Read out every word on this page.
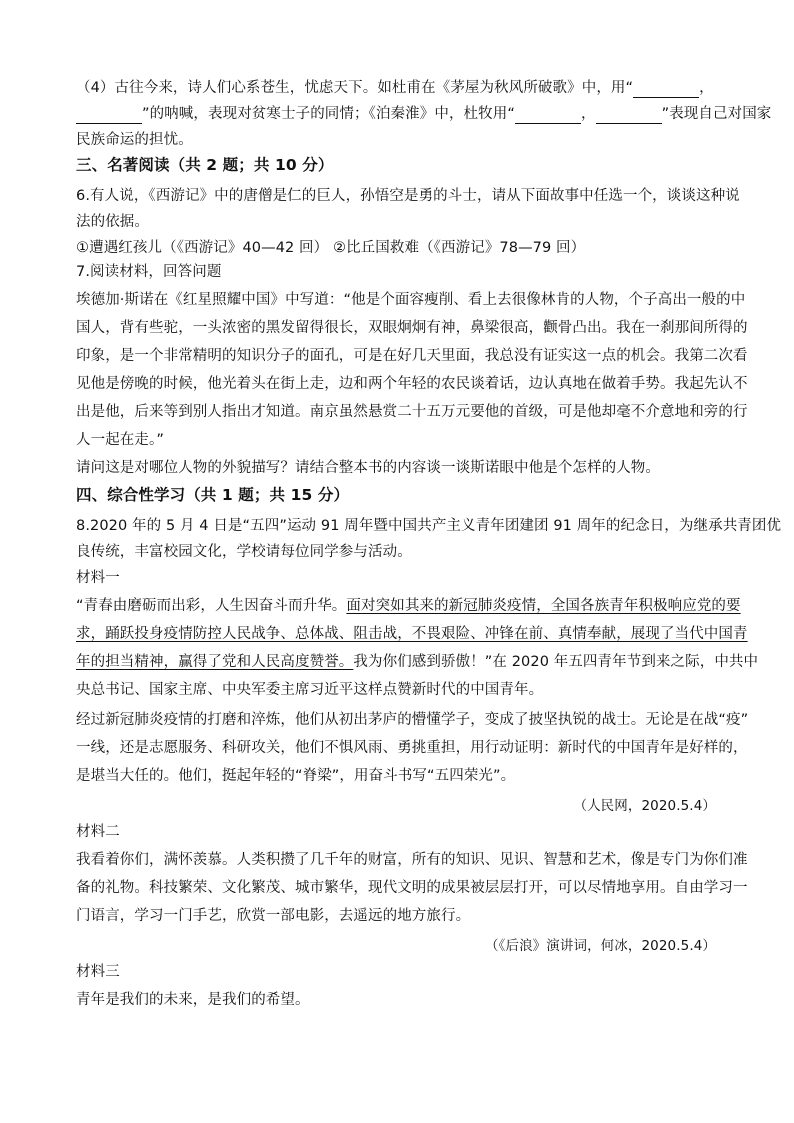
（4）古往今来，诗人们心系苍生，忧虑天下。如杜甫在《茅屋为秋风所破歌》中，用“	，
”的呐喊，表现对贫寒士子的同情；《泊秦淮》中，杜牧用“	，	”表现自己对国家
民族命运的担忧。
三、名著阅读（共 2 题；共 10 分）
6.有人说，《西游记》中的唐僧是仁的巨人，孙悟空是勇的斗士，请从下面故事中任选一个，谈谈这种说
法的依据。
①遭遇红孩儿（《西游记》40—42 回） ②比丘国救难（《西游记》78—79 回）
7.阅读材料，回答问题
埃德加·斯诺在《红星照耀中国》中写道：“他是个面容瘦削、看上去很像林肯的人物，个子高出一般的中
国人，背有些驼，一头浓密的黑发留得很长，双眼炯炯有神，鼻梁很高，颧骨凸出。我在一刹那间所得的
印象，是一个非常精明的知识分子的面孔，可是在好几天里面，我总没有证实这一点的机会。我第二次看
见他是傍晚的时候，他光着头在街上走，边和两个年轻的农民谈着话，边认真地在做着手势。我起先认不
出是他，后来等到别人指出才知道。南京虽然悬赏二十五万元要他的首级，可是他却毫不介意地和旁的行
人一起在走。”
请问这是对哪位人物的外貌描写？请结合整本书的内容谈一谈斯诺眼中他是个怎样的人物。
四、综合性学习（共 1 题；共 15 分）
8.2020 年的 5 月 4 日是“五四”运动 91 周年暨中国共产主义青年团建团 91 周年的纪念日，为继承共青团优
良传统，丰富校园文化，学校请每位同学参与活动。
材料一
“青春由磨砺而出彩，人生因奋斗而升华。面对突如其来的新冠肺炎疫情，全国各族青年积极响应党的要
求，踊跃投身疫情防控人民战争、总体战、阻击战，不畏艰险、冲锋在前、真情奉献，展现了当代中国青
年的担当精神，赢得了党和人民高度赞誉。我为你们感到骄傲！”在 2020 年五四青年节到来之际，中共中
央总书记、国家主席、中央军委主席习近平这样点赞新时代的中国青年。
经过新冠肺炎疫情的打磨和淬炼，他们从初出茅庐的懵懂学子，变成了披坚执锐的战士。无论是在战“疫”
一线，还是志愿服务、科研攻关，他们不惧风雨、勇挑重担，用行动证明：新时代的中国青年是好样的，
是堪当大任的。他们，挺起年轻的“脊梁”，用奋斗书写“五四荣光”。
（人民网，2020.5.4）
材料二
我看着你们，满怀羡慕。人类积攒了几千年的财富，所有的知识、见识、智慧和艺术，像是专门为你们准
备的礼物。科技繁荣、文化繁茂、城市繁华，现代文明的成果被层层打开，可以尽情地享用。自由学习一
门语言，学习一门手艺，欣赏一部电影，去遥远的地方旅行。
（《后浪》演讲词，何冰，2020.5.4）
材料三
青年是我们的未来，是我们的希望。
